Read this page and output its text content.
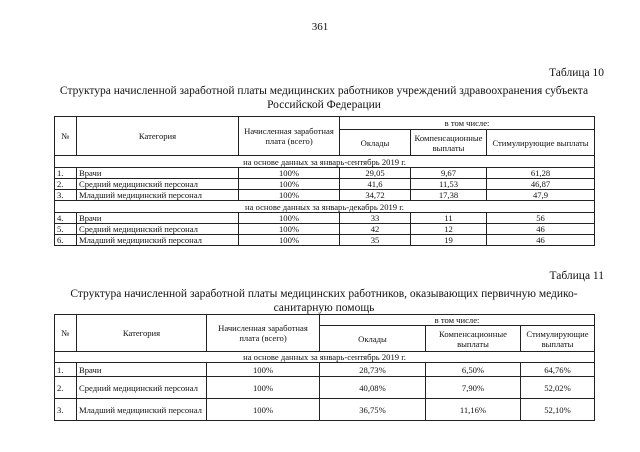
361
Таблица 10
Структура начисленной заработной платы медицинских работников учреждений здравоохранения субъекта Российской Федерации
№	Категория	Начисленная заработная плата (всего)	в том числе:		
			Оклады	Компенсационные выплаты	Стимулирующие выплаты
на основе данных за январь-сентябрь 2019 г.					
1.	Врачи	100%	29,05	9,67	61,28
2.	Средний медицинский персонал	100%	41,6	11,53	46,87
3.	Младший медицинский персонал	100%	34,72	17,38	47,9
на основе данных за январь-декабрь 2019 г.					
4.	Врачи	100%	33	11	56
5.	Средний медицинский персонал	100%	42	12	46
6.	Младший медицинский персонал	100%	35	19	46
Таблица 11
Структура начисленной заработной платы медицинских работников, оказывающих первичную медико-санитарную помощь
№	Категория	Начисленная заработная плата (всего)	в том числе:		
			Оклады	Компенсационные выплаты	Стимулирующие выплаты
на основе данных за январь-сентябрь 2019 г.					
1.	Врачи	100%	28,73%	6,50%	64,76%
2.	Средний медицинский персонал	100%	40,08%	7,90%	52,02%
3.	Младший медицинский персонал	100%	36,75%	11,16%	52,10%
